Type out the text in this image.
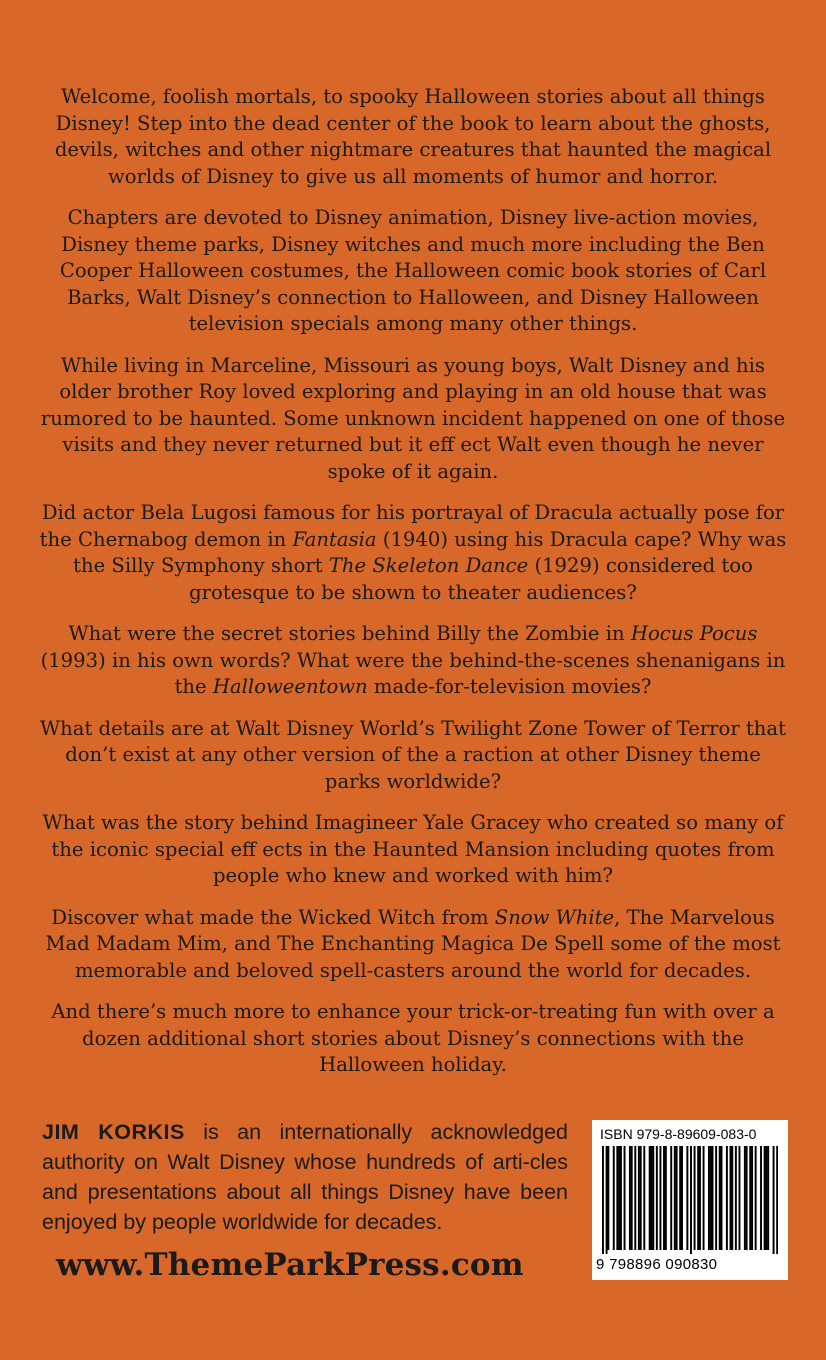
Welcome, foolish mortals, to spooky Halloween stories about all things Disney! Step into the dead center of the book to learn about the ghosts, devils, witches and other nightmare creatures that haunted the magical worlds of Disney to give us all moments of humor and horror.

Chapters are devoted to Disney animation, Disney live-action movies, Disney theme parks, Disney witches and much more including the Ben Cooper Halloween costumes, the Halloween comic book stories of Carl Barks, Walt Disney’s connection to Halloween, and Disney Halloween television specials among many other things.

While living in Marceline, Missouri as young boys, Walt Disney and his older brother Roy loved exploring and playing in an old house that was rumored to be haunted. Some unknown incident happened on one of those visits and they never returned but it eff ect Walt even though he never spoke of it again.

Did actor Bela Lugosi famous for his portrayal of Dracula actually pose for the Chernabog demon in Fantasia (1940) using his Dracula cape? Why was the Silly Symphony short The Skeleton Dance (1929) considered too grotesque to be shown to theater audiences?

What were the secret stories behind Billy the Zombie in Hocus Pocus (1993) in his own words? What were the behind-the-scenes shenanigans in the Halloweentown made-for-television movies?

What details are at Walt Disney World’s Twilight Zone Tower of Terror that don’t exist at any other version of the a raction at other Disney theme parks worldwide?

What was the story behind Imagineer Yale Gracey who created so many of the iconic special eff ects in the Haunted Mansion including quotes from people who knew and worked with him?

Discover what made the Wicked Witch from Snow White, The Marvelous Mad Madam Mim, and The Enchanting Magica De Spell some of the most memorable and beloved spell-casters around the world for decades.

And there’s much more to enhance your trick-or-treating fun with over a dozen additional short stories about Disney’s connections with the Halloween holiday.

JIM KORKIS is an internationally acknowledged authority on Walt Disney whose hundreds of arti-cles and presentations about all things Disney have been enjoyed by people worldwide for decades.
www.ThemeParkPress.com
ISBN 979-8-89609-083-0
9 798896 090830
